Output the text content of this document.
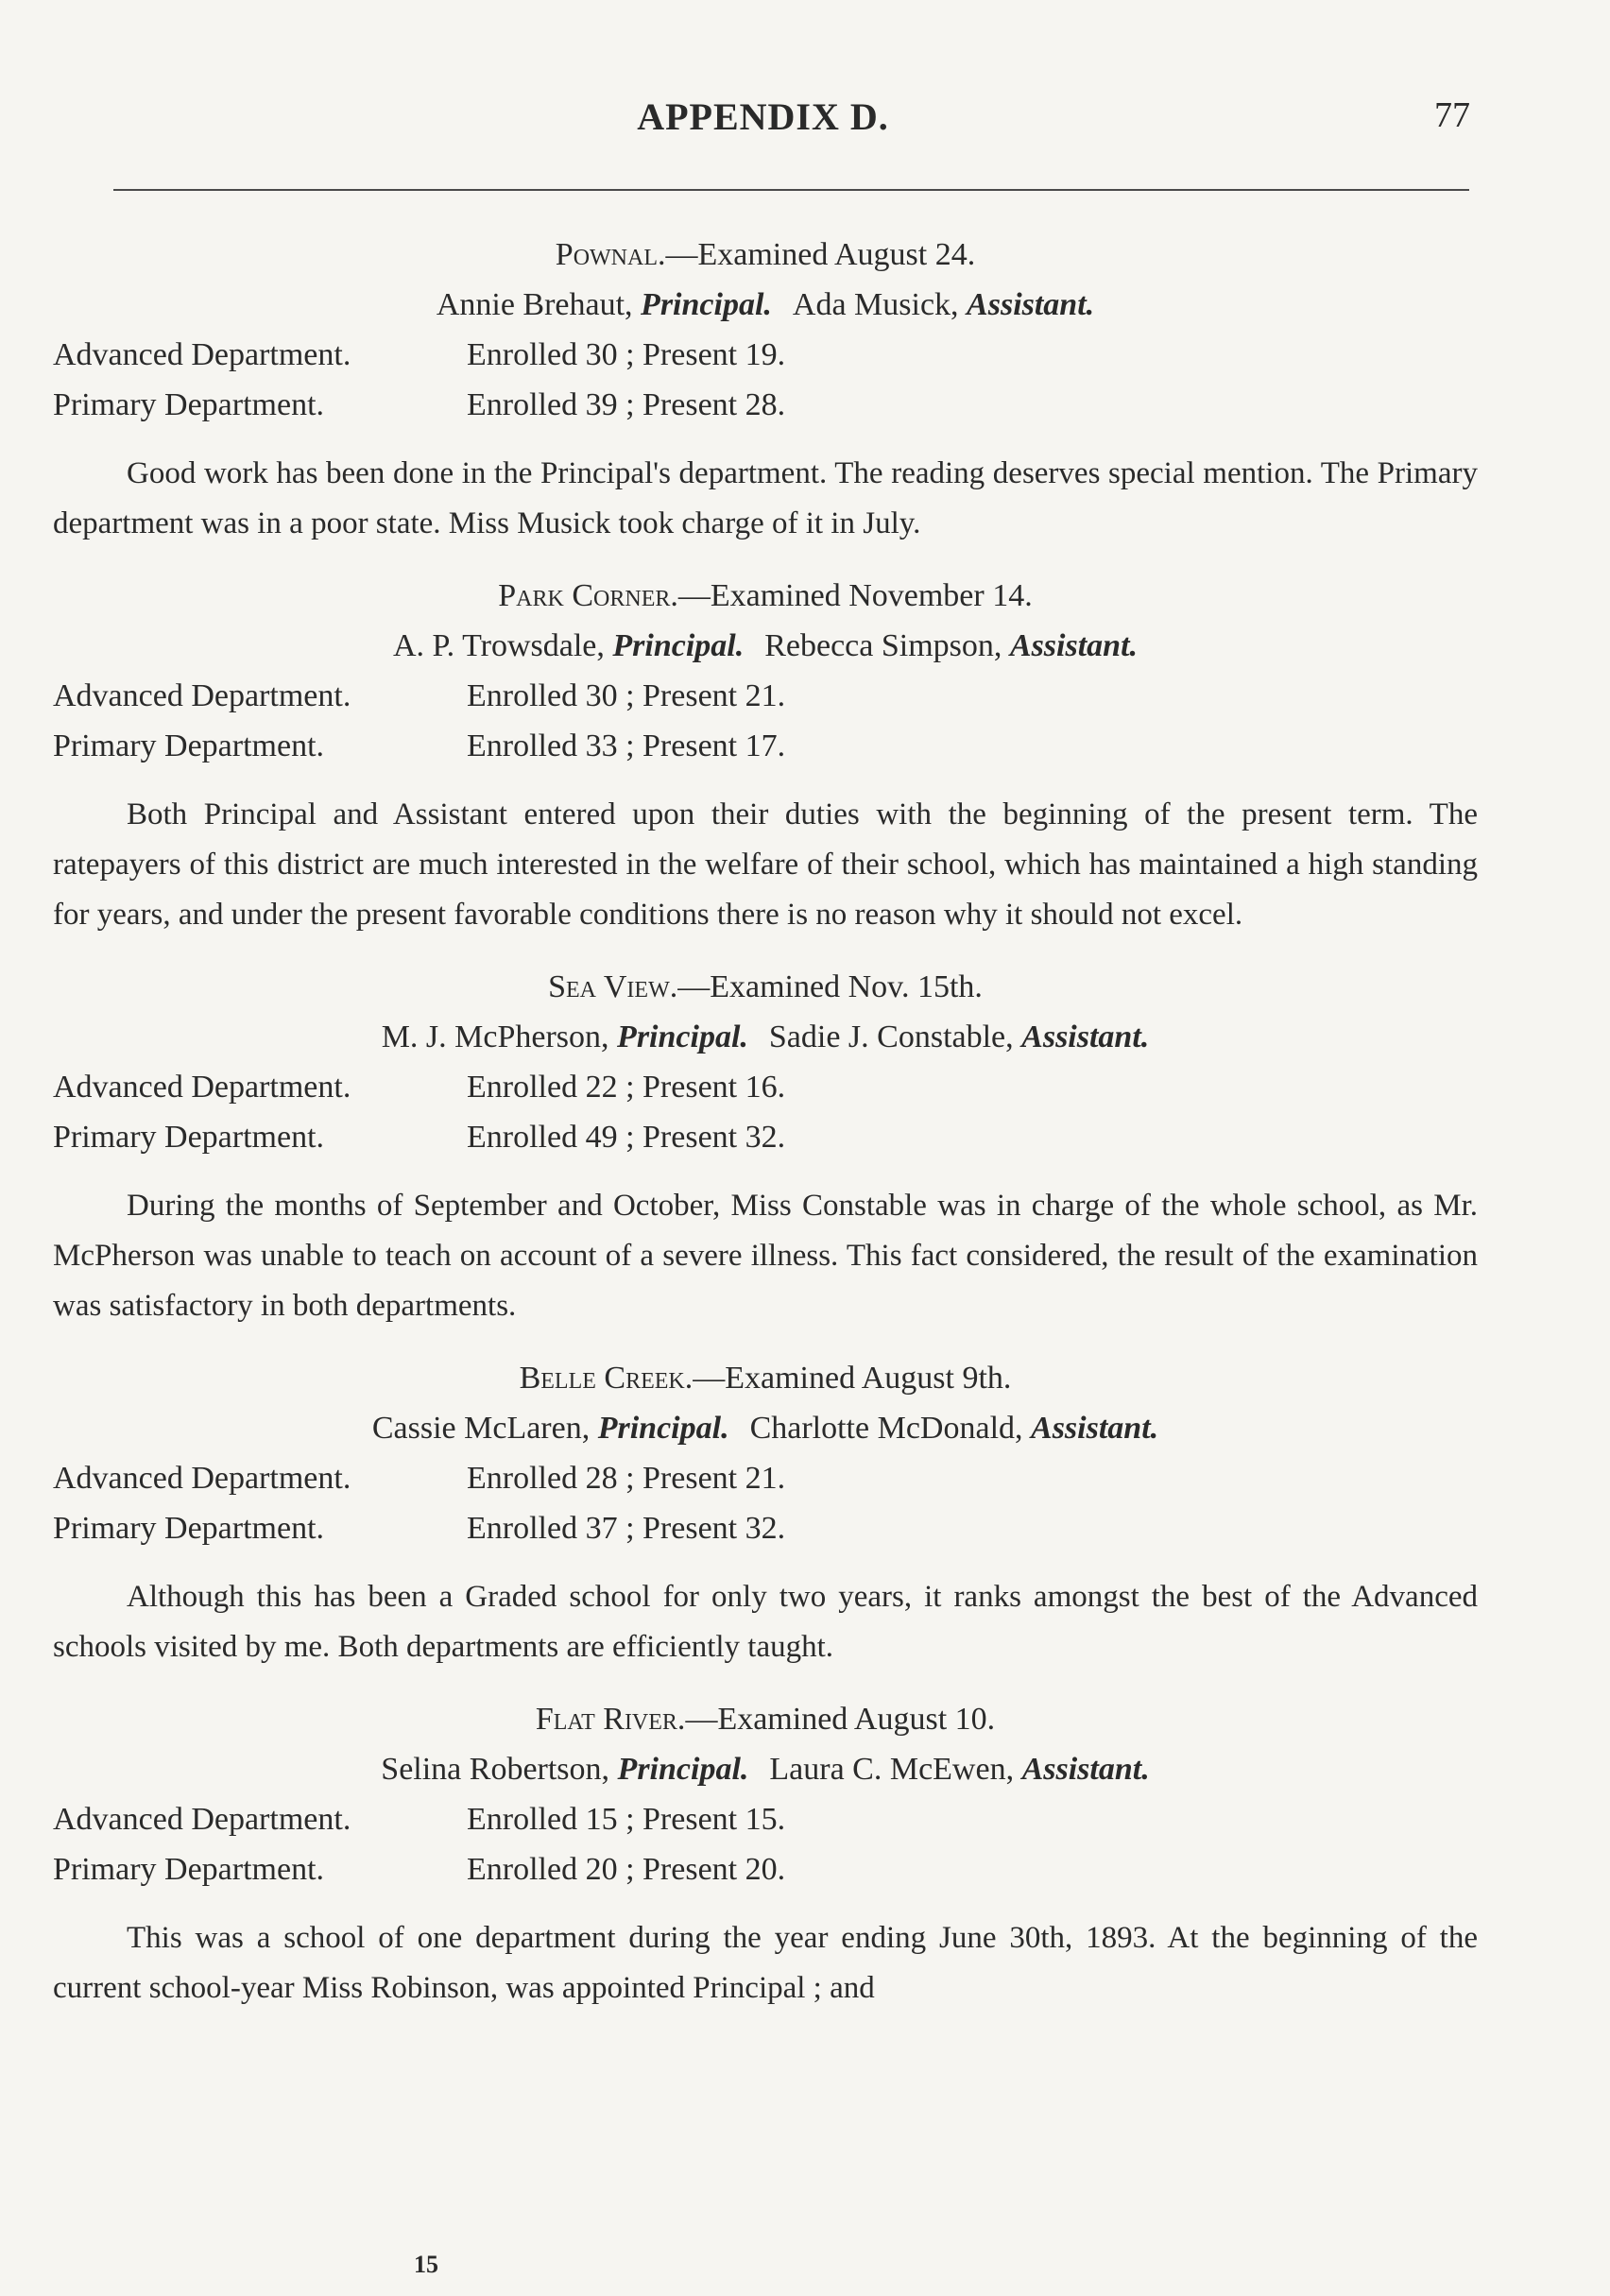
APPENDIX D.	77
Pownal.—Examined August 24.
Annie Brehaut, Principal. Ada Musick, Assistant.
Advanced Department.	Enrolled 30 ; Present 19.
Primary Department.	Enrolled 39 ; Present 28.

Good work has been done in the Principal's department. The reading deserves special mention. The Primary department was in a poor state. Miss Musick took charge of it in July.

Park Corner.—Examined November 14.
A. P. Trowsdale, Principal. Rebecca Simpson, Assistant.
Advanced Department.	Enrolled 30 ; Present 21.
Primary Department.	Enrolled 33 ; Present 17.

Both Principal and Assistant entered upon their duties with the beginning of the present term. The ratepayers of this district are much interested in the welfare of their school, which has maintained a high standing for years, and under the present favorable conditions there is no reason why it should not excel.

Sea View.—Examined Nov. 15th.
M. J. McPherson, Principal. Sadie J. Constable, Assistant.
Advanced Department.	Enrolled 22 ; Present 16.
Primary Department.	Enrolled 49 ; Present 32.

During the months of September and October, Miss Constable was in charge of the whole school, as Mr. McPherson was unable to teach on account of a severe illness. This fact considered, the result of the examination was satisfactory in both departments.

Belle Creek.—Examined August 9th.
Cassie McLaren, Principal. Charlotte McDonald, Assistant.
Advanced Department.	Enrolled 28 ; Present 21.
Primary Department.	Enrolled 37 ; Present 32.

Although this has been a Graded school for only two years, it ranks amongst the best of the Advanced schools visited by me. Both departments are efficiently taught.

Flat River.—Examined August 10.
Selina Robertson, Principal. Laura C. McEwen, Assistant.
Advanced Department.	Enrolled 15 ; Present 15.
Primary Department.	Enrolled 20 ; Present 20.

This was a school of one department during the year ending June 30th, 1893. At the beginning of the current school-year Miss Robinson, was appointed Principal ; and

15
